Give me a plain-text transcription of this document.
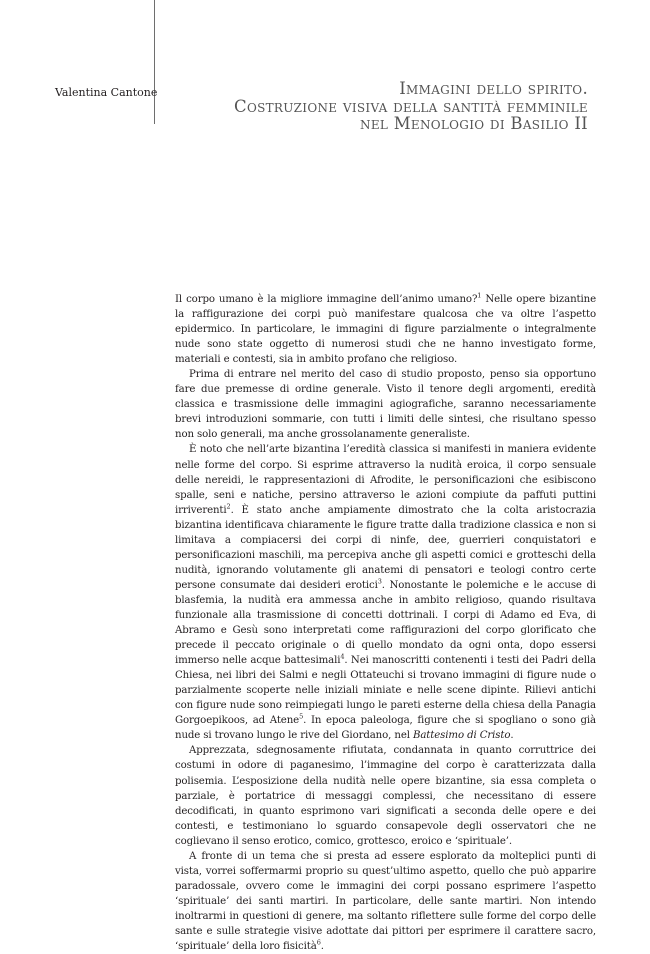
Valentina Cantone	Immagini dello spirito.
Costruzione visiva della santità femminile
nel Menologio di Basilio II

Il corpo umano è la migliore immagine dell’animo umano?$^1$ Nelle opere bizantine la raffigurazione dei corpi può manifestare qualcosa che va oltre l’aspetto epidermico. In particolare, le immagini di figure parzialmente o integralmente nude sono state oggetto di numerosi studi che ne hanno investigato forme, materiali e contesti, sia in ambito profano che religioso.

Prima di entrare nel merito del caso di studio proposto, penso sia opportuno fare due premesse di ordine generale. Visto il tenore degli argomenti, eredità classica e trasmissione delle immagini agiografiche, saranno necessariamente brevi introduzioni sommarie, con tutti i limiti delle sintesi, che risultano spesso non solo generali, ma anche grossolanamente generaliste.

È noto che nell’arte bizantina l’eredità classica si manifesti in maniera evidente nelle forme del corpo. Si esprime attraverso la nudità eroica, il corpo sensuale delle nereidi, le rappresentazioni di Afrodite, le personificazioni che esibiscono spalle, seni e natiche, persino attraverso le azioni compiute da paffuti puttini irriverenti$^2$. È stato anche ampiamente dimostrato che la colta aristocrazia bizantina identificava chiaramente le figure tratte dalla tradizione classica e non si limitava a compiacersi dei corpi di ninfe, dee, guerrieri conquistatori e personificazioni maschili, ma percepiva anche gli aspetti comici e grotteschi della nudità, ignorando volutamente gli anatemi di pensatori e teologi contro certe persone consumate dai desideri erotici$^3$. Nonostante le polemiche e le accuse di blasfemia, la nudità era ammessa anche in ambito religioso, quando risultava funzionale alla trasmissione di concetti dottrinali. I corpi di Adamo ed Eva, di Abramo e Gesù sono interpretati come raffigurazioni del corpo glorificato che precede il peccato originale o di quello mondato da ogni onta, dopo essersi immerso nelle acque battesimali$^4$. Nei manoscritti contenenti i testi dei Padri della Chiesa, nei libri dei Salmi e negli Ottateuchi si trovano immagini di figure nude o parzialmente scoperte nelle iniziali miniate e nelle scene dipinte. Rilievi antichi con figure nude sono reimpiegati lungo le pareti esterne della chiesa della Panagia Gorgoepikoos, ad Atene$^5$. In epoca paleologa, figure che si spogliano o sono già nude si trovano lungo le rive del Giordano, nel Battesimo di Cristo.

Apprezzata, sdegnosamente rifiutata, condannata in quanto corruttrice dei costumi in odore di paganesimo, l’immagine del corpo è caratterizzata dalla polisemia. L’esposizione della nudità nelle opere bizantine, sia essa completa o parziale, è portatrice di messaggi complessi, che necessitano di essere decodificati, in quanto esprimono vari significati a seconda delle opere e dei contesti, e testimoniano lo sguardo consapevole degli osservatori che ne coglievano il senso erotico, comico, grottesco, eroico e ‘spirituale’.

A fronte di un tema che si presta ad essere esplorato da molteplici punti di vista, vorrei soffermarmi proprio su quest’ultimo aspetto, quello che può apparire paradossale, ovvero come le immagini dei corpi possano esprimere l’aspetto ‘spirituale’ dei santi martiri. In particolare, delle sante martiri. Non intendo inoltrarmi in questioni di genere, ma soltanto riflettere sulle forme del corpo delle sante e sulle strategie visive adottate dai pittori per esprimere il carattere sacro, ‘spirituale’ della loro fisicità$^6$.
